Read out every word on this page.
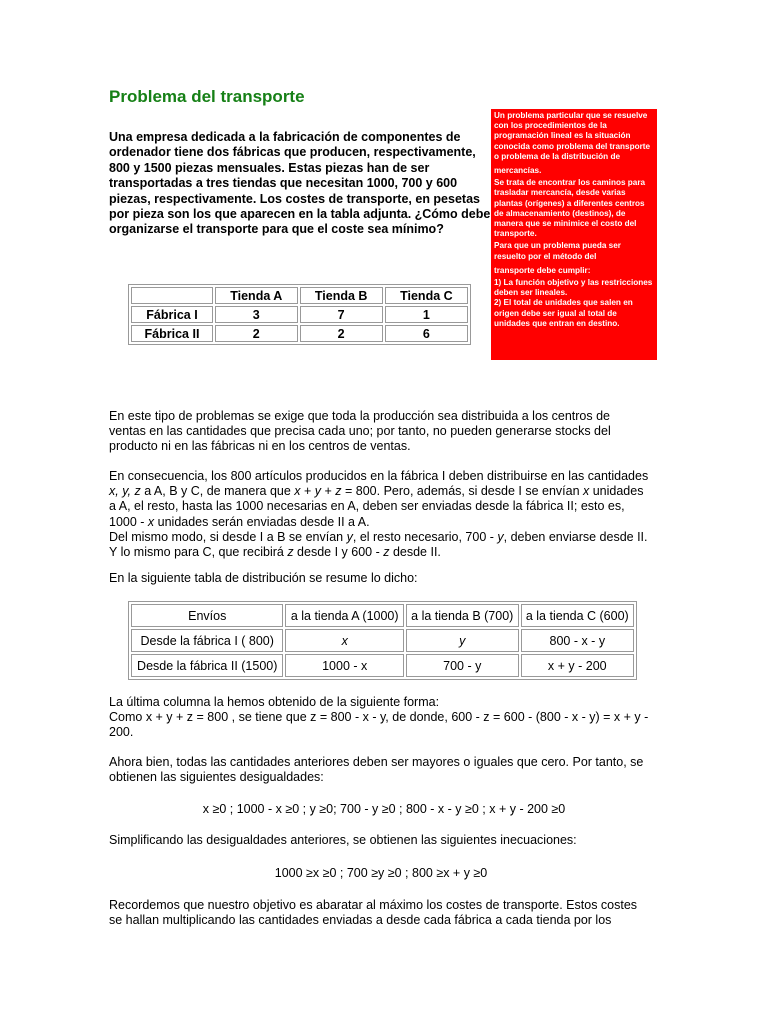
Problema del transporte
Una empresa dedicada a la fabricación de componentes de ordenador tiene dos fábricas que producen, respectivamente, 800 y 1500 piezas mensuales. Estas piezas han de ser transportadas a tres tiendas que necesitan 1000, 700 y 600 piezas, respectivamente. Los costes de transporte, en pesetas por pieza son los que aparecen en la tabla adjunta. ¿Cómo debe organizarse el transporte para que el coste sea mínimo?

Un problema particular que se resuelve con los procedimientos de la programación lineal es la situación conocida como problema del transporte o problema de la distribución de

mercancías.

Se trata de encontrar los caminos para trasladar mercancía, desde varias plantas (orígenes) a diferentes centros de almacenamiento (destinos), de manera que se minimice el costo del transporte.

Para que un problema pueda ser resuelto por el método del

transporte debe cumplir:

1) La función objetivo y las restricciones deben ser lineales.

2) El total de unidades que salen en origen debe ser igual al total de unidades que entran en destino.

	Tienda A	Tienda B	Tienda C
Fábrica I	3	7	1
Fábrica II	2	2	6

En este tipo de problemas se exige que toda la producción sea distribuida a los centros de ventas en las cantidades que precisa cada uno; por tanto, no pueden generarse stocks del producto ni en las fábricas ni en los centros de ventas.

En consecuencia, los 800 artículos producidos en la fábrica I deben distribuirse en las cantidades x, y, z a A, B y C, de manera que x + y + z = 800. Pero, además, si desde I se envían x unidades a A, el resto, hasta las 1000 necesarias en A, deben ser enviadas desde la fábrica II; esto es, 1000 - x unidades serán enviadas desde II a A.

Del mismo modo, si desde I a B se envían y, el resto necesario, 700 - y, deben enviarse desde II. Y lo mismo para C, que recibirá z desde I y 600 - z desde II.

En la siguiente tabla de distribución se resume lo dicho:

Envíos	a la tienda A (1000)	a la tienda B (700)	a la tienda C (600)
Desde la fábrica I ( 800)	x	y	800 - x - y
Desde la fábrica II (1500)	1000 - x	700 - y	x + y - 200

La última columna la hemos obtenido de la siguiente forma:

Como x + y + z = 800 , se tiene que z = 800 - x - y, de donde, 600 - z = 600 - (800 - x - y) = x + y - 200.

Ahora bien, todas las cantidades anteriores deben ser mayores o iguales que cero. Por tanto, se obtienen las siguientes desigualdades:

x ≥0 ; 1000 - x ≥0 ; y ≥0; 700 - y ≥0 ; 800 - x - y ≥0 ; x + y - 200 ≥0

Simplificando las desigualdades anteriores, se obtienen las siguientes inecuaciones:

1000 ≥x ≥0 ; 700 ≥y ≥0 ; 800 ≥x + y ≥0

Recordemos que nuestro objetivo es abaratar al máximo los costes de transporte. Estos costes se hallan multiplicando las cantidades enviadas a desde cada fábrica a cada tienda por los
